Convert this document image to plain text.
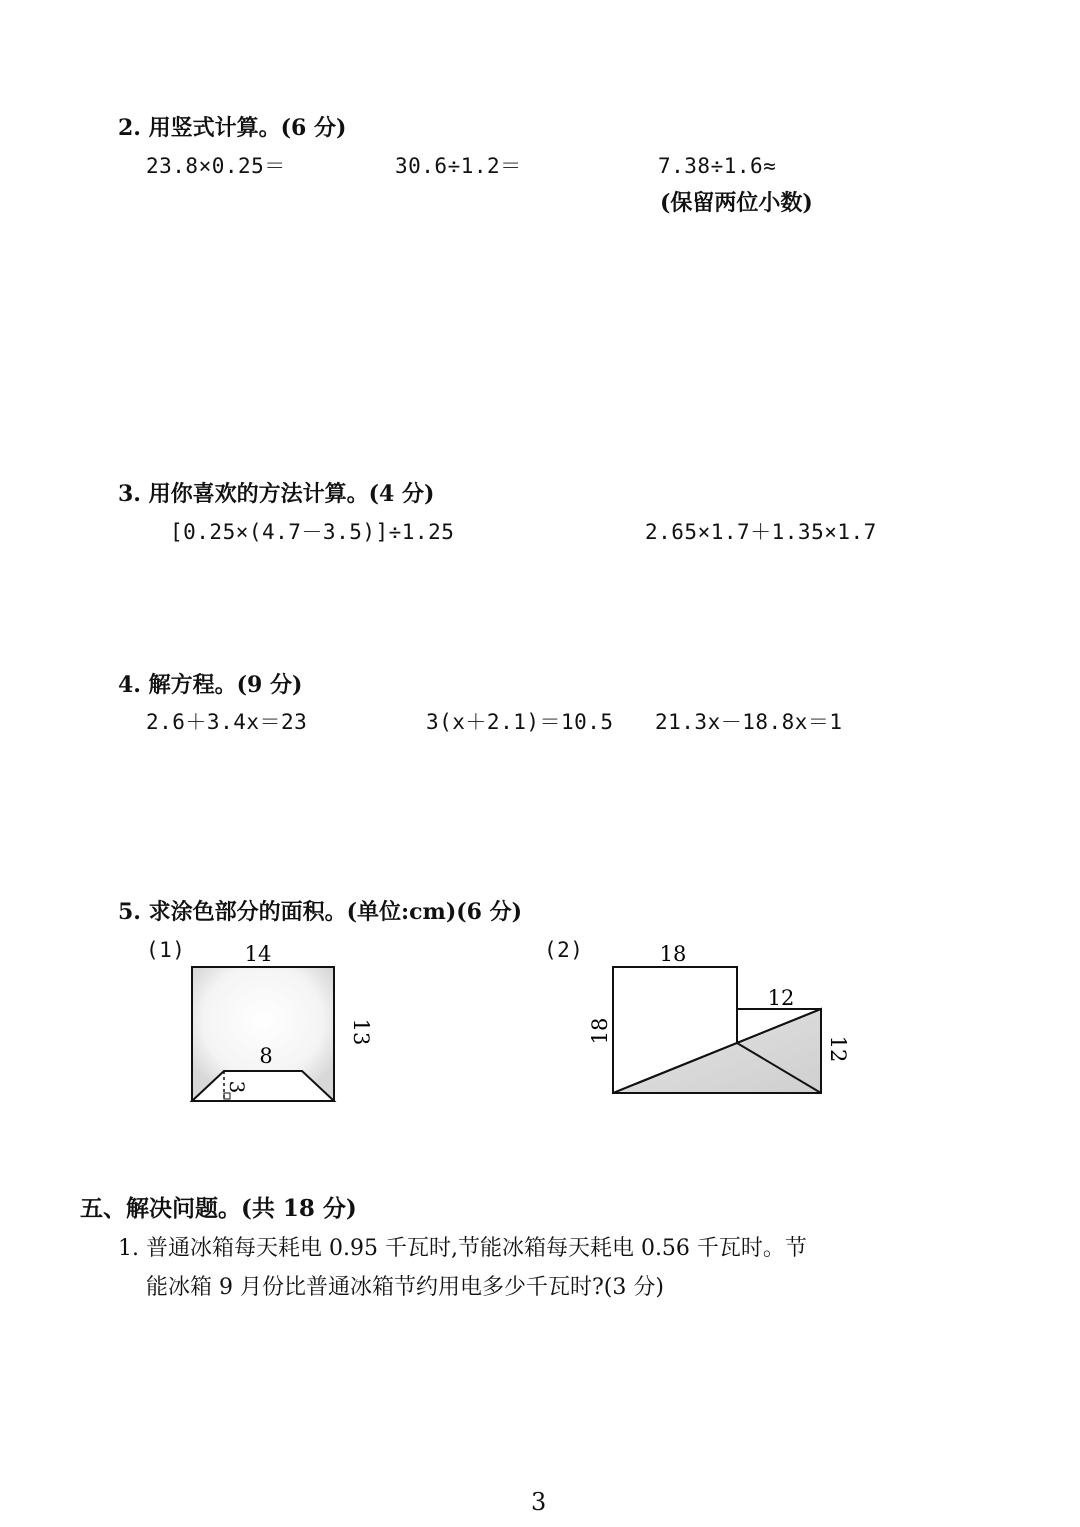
2. 用竖式计算。(6 分)
23.8×0.25＝	30.6÷1.2＝	7.38÷1.6≈
(保留两位小数)
3. 用你喜欢的方法计算。(4 分)
[0.25×(4.7－3.5)]÷1.25	2.65×1.7＋1.35×1.7
4. 解方程。(9 分)
2.6＋3.4x＝23	3(x＋2.1)＝10.5 21.3x－18.8x＝1
5. 求涂色部分的面积。(单位:cm)(6 分)
(1)	(2)
14
13
8
3
18
18
12
12
五、解决问题。(共 18 分)
1. 普通冰箱每天耗电 0.95 千瓦时,节能冰箱每天耗电 0.56 千瓦时。节
能冰箱 9 月份比普通冰箱节约用电多少千瓦时?(3 分)
3
